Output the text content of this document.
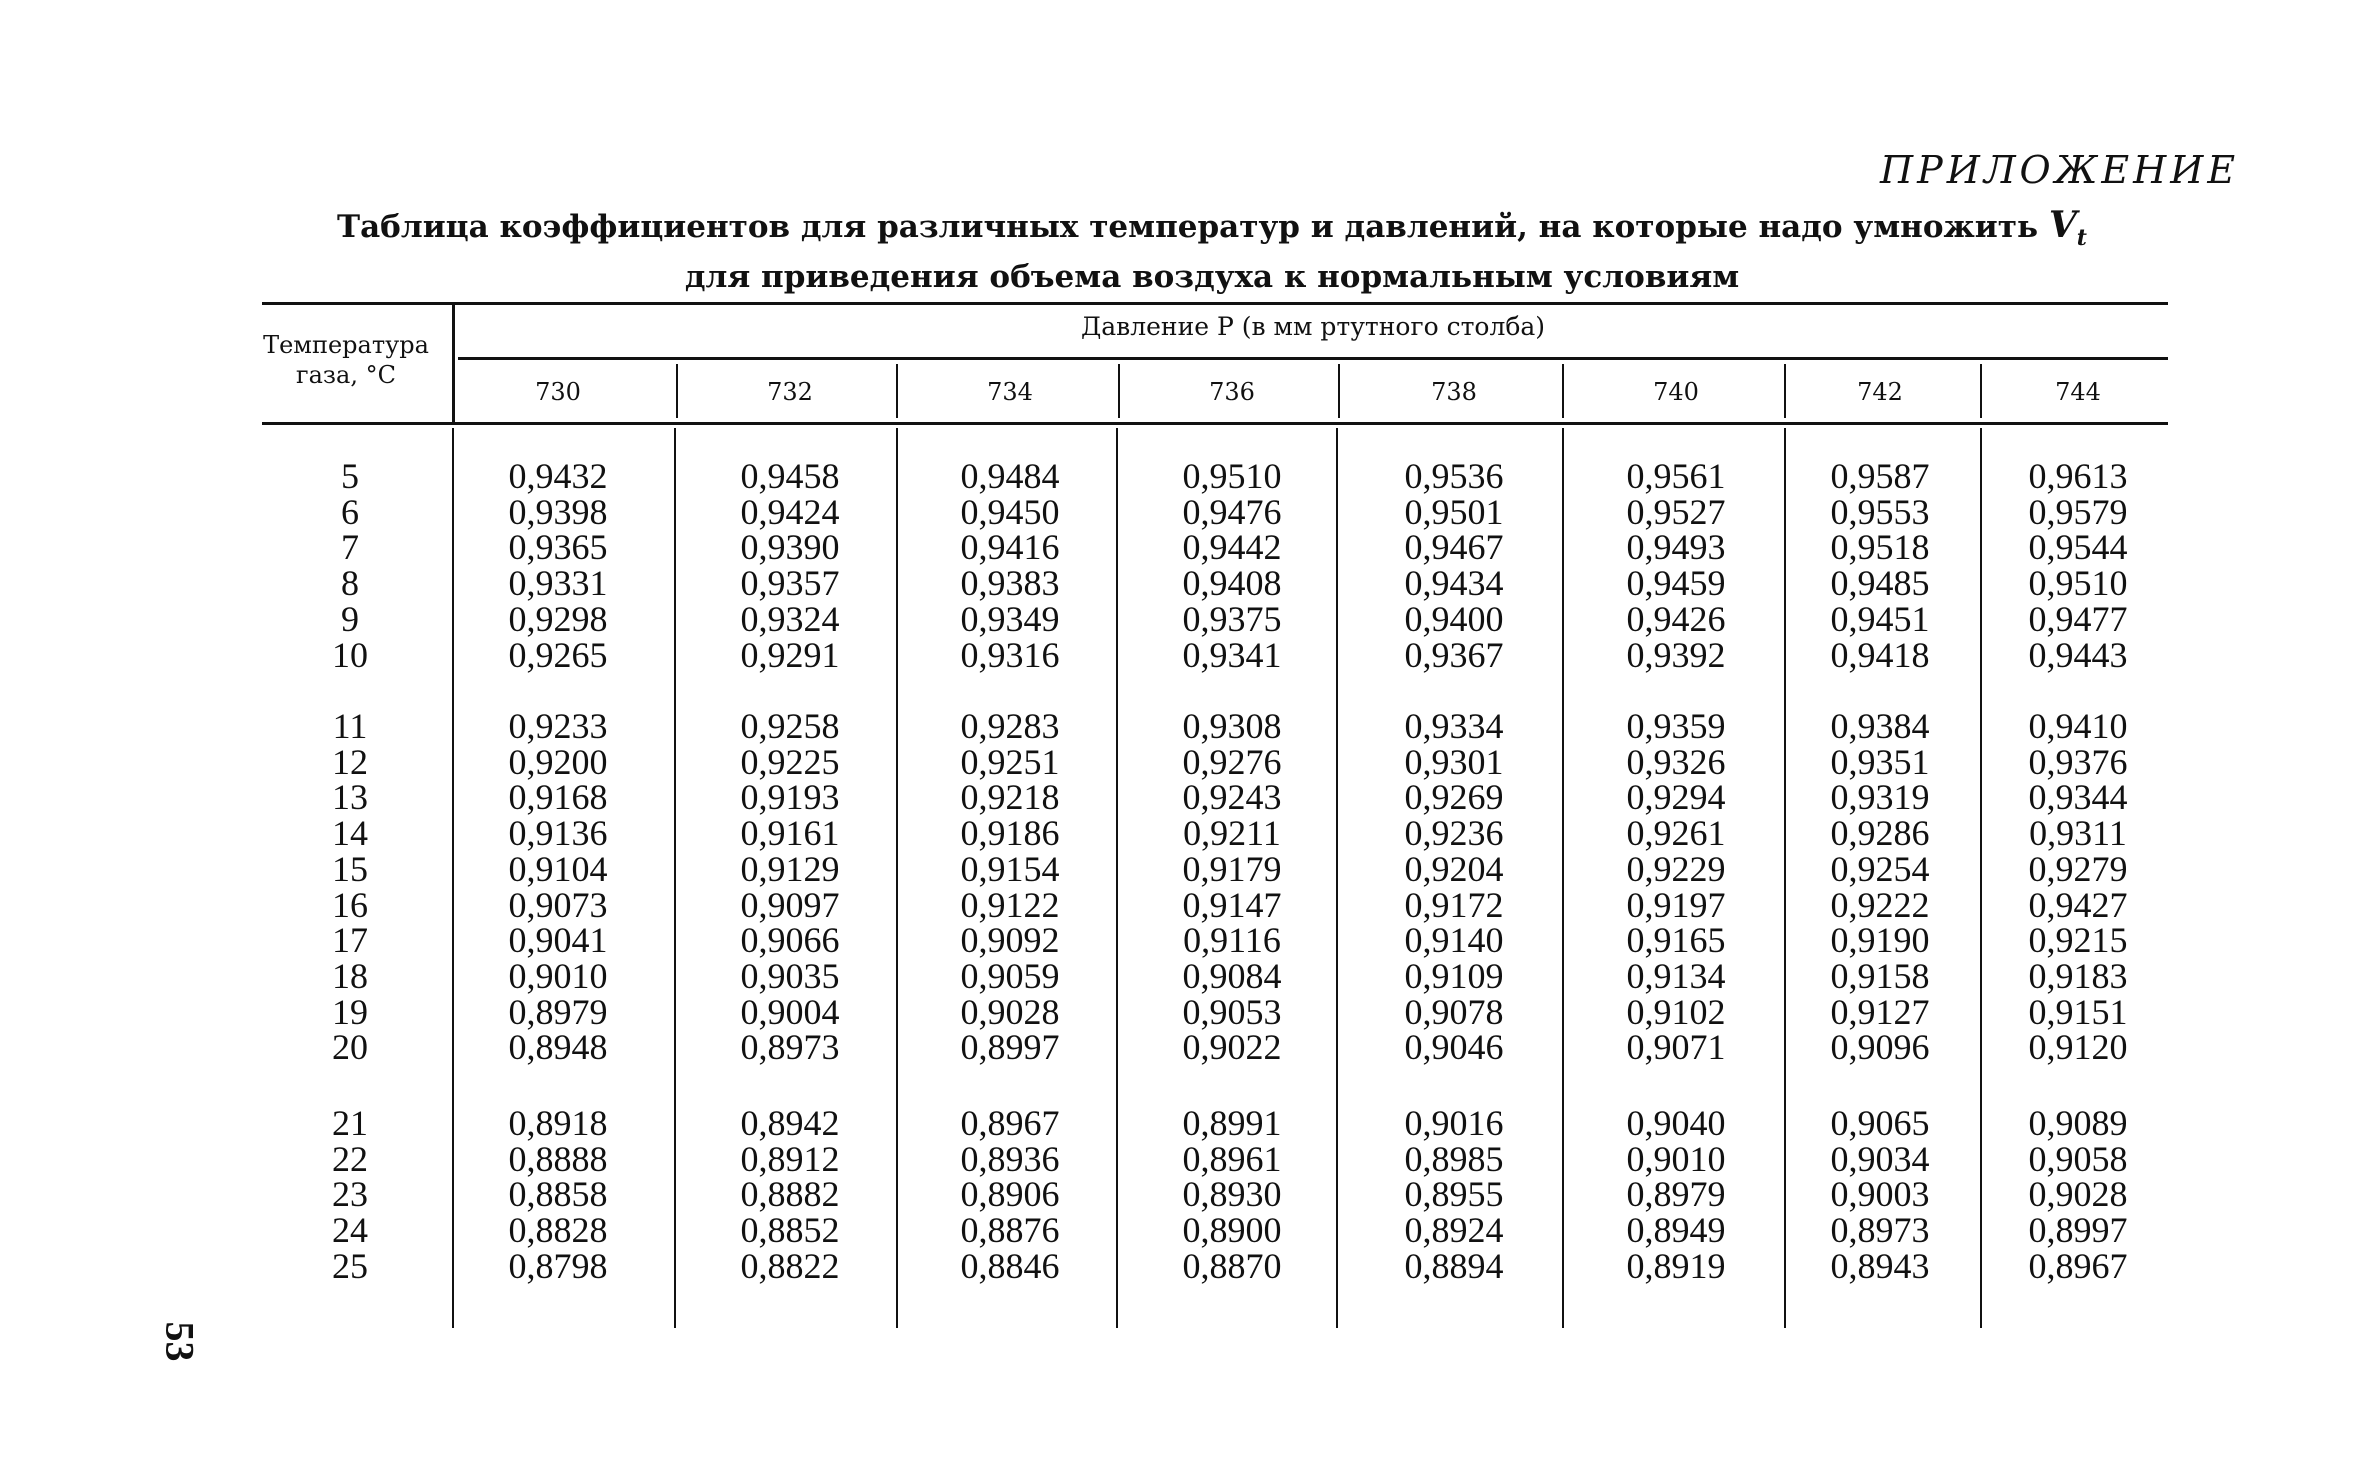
ПРИЛОЖЕНИЕ
Таблица коэффициентов для различных температур и давлений, на которые надо умножить $V_t$
для приведения объема воздуха к нормальным условиям
Температура
газа, °С
Давление P (в мм ртутного столба)
730	732	734	736	738	740	742	744
5	0,9432	0,9458	0,9484	0,9510	0,9536	0,9561	0,9587	0,9613
6	0,9398	0,9424	0,9450	0,9476	0,9501	0,9527	0,9553	0,9579
7	0,9365	0,9390	0,9416	0,9442	0,9467	0,9493	0,9518	0,9544
8	0,9331	0,9357	0,9383	0,9408	0,9434	0,9459	0,9485	0,9510
9	0,9298	0,9324	0,9349	0,9375	0,9400	0,9426	0,9451	0,9477
10	0,9265	0,9291	0,9316	0,9341	0,9367	0,9392	0,9418	0,9443
11	0,9233	0,9258	0,9283	0,9308	0,9334	0,9359	0,9384	0,9410
12	0,9200	0,9225	0,9251	0,9276	0,9301	0,9326	0,9351	0,9376
13	0,9168	0,9193	0,9218	0,9243	0,9269	0,9294	0,9319	0,9344
14	0,9136	0,9161	0,9186	0,9211	0,9236	0,9261	0,9286	0,9311
15	0,9104	0,9129	0,9154	0,9179	0,9204	0,9229	0,9254	0,9279
16	0,9073	0,9097	0,9122	0,9147	0,9172	0,9197	0,9222	0,9427
17	0,9041	0,9066	0,9092	0,9116	0,9140	0,9165	0,9190	0,9215
18	0,9010	0,9035	0,9059	0,9084	0,9109	0,9134	0,9158	0,9183
19	0,8979	0,9004	0,9028	0,9053	0,9078	0,9102	0,9127	0,9151
20	0,8948	0,8973	0,8997	0,9022	0,9046	0,9071	0,9096	0,9120
21	0,8918	0,8942	0,8967	0,8991	0,9016	0,9040	0,9065	0,9089
22	0,8888	0,8912	0,8936	0,8961	0,8985	0,9010	0,9034	0,9058
23	0,8858	0,8882	0,8906	0,8930	0,8955	0,8979	0,9003	0,9028
24	0,8828	0,8852	0,8876	0,8900	0,8924	0,8949	0,8973	0,8997
25	0,8798	0,8822	0,8846	0,8870	0,8894	0,8919	0,8943	0,8967
53
